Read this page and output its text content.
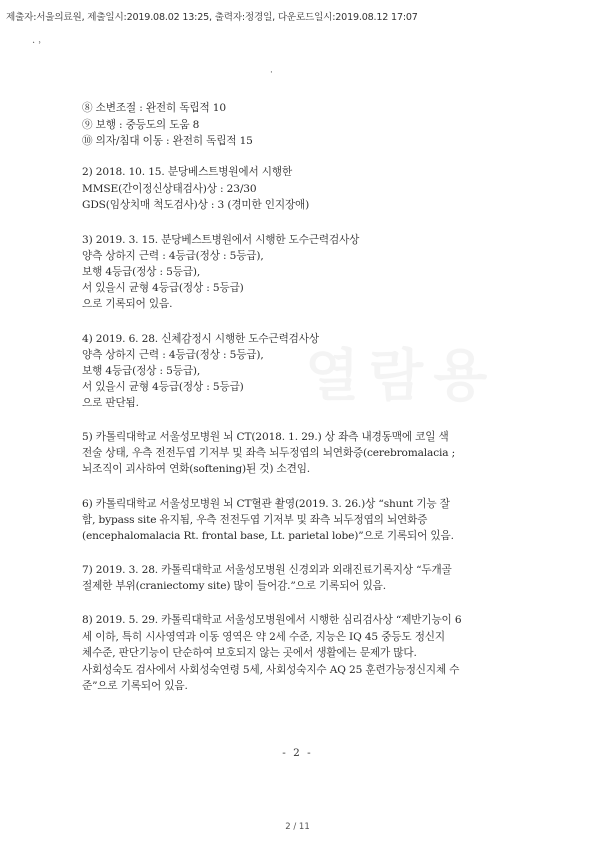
제출자:서울의료원, 제출일시:2019.08.02 13:25, 출력자:정경일, 다운로드일시:2019.08.12 17:07
· ˒
·
⑧ 소변조절 : 완전히 독립적 10
⑨ 보행 : 중등도의 도움 8
⑩ 의자/침대 이동 : 완전히 독립적 15
2) 2018. 10. 15. 분당베스트병원에서 시행한
MMSE(간이정신상태검사)상 : 23/30
GDS(임상치매 척도검사)상 : 3 (경미한 인지장애)
3) 2019. 3. 15. 분당베스트병원에서 시행한 도수근력검사상
양측 상하지 근력 : 4등급(정상 : 5등급),
보행 4등급(정상 : 5등급),
서 있을시 균형 4등급(정상 : 5등급)
으로 기록되어 있음.
4) 2019. 6. 28. 신체감정시 시행한 도수근력검사상
양측 상하지 근력 : 4등급(정상 : 5등급),
보행 4등급(정상 : 5등급),
서 있을시 균형 4등급(정상 : 5등급)
으로 판단됨.
5) 카톨릭대학교 서울성모병원 뇌 CT(2018. 1. 29.) 상 좌측 내경동맥에 코일 색
전술 상태, 우측 전전두엽 기저부 및 좌측 뇌두정엽의 뇌연화증(cerebromalacia ;
뇌조직이 괴사하여 연화(softening)된 것) 소견임.
6) 카톨릭대학교 서울성모병원 뇌 CT혈관 촬영(2019. 3. 26.)상 “shunt 기능 잘
함, bypass site 유지됨, 우측 전전두엽 기저부 및 좌측 뇌두정엽의 뇌연화증
(encephalomalacia Rt. frontal base, Lt. parietal lobe)”으로 기록되어 있음.
7) 2019. 3. 28. 카톨릭대학교 서울성모병원 신경외과 외래진료기록지상 “두개골
절제한 부위(craniectomy site) 많이 들어감.”으로 기록되어 있음.
8) 2019. 5. 29. 카톨릭대학교 서울성모병원에서 시행한 심리검사상 “제반기능이 6
세 이하, 특히 시사영역과 이동 영역은 약 2세 수준, 지능은 IQ 45 중등도 정신지
체수준, 판단기능이 단순하여 보호되지 않는 곳에서 생활에는 문제가 많다.
사회성숙도 검사에서 사회성숙연령 5세, 사회성숙지수 AQ 25 훈련가능정신지체 수
준”으로 기록되어 있음.
- 2 -
2 / 11
